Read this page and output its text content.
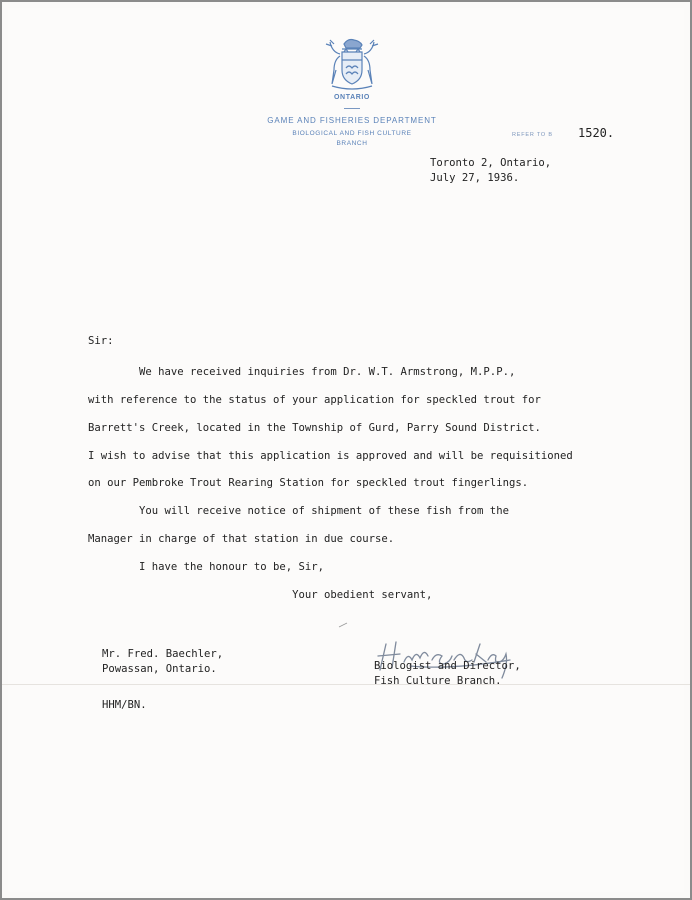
ONTARIO
GAME AND FISHERIES DEPARTMENT
BIOLOGICAL AND FISH CULTURE
BRANCH
REFER TO B 1520.
Toronto 2, Ontario,
July 27, 1936.
Sir:
We have received inquiries from Dr. W.T. Armstrong, M.P.P.,
with reference to the status of your application for speckled trout for
Barrett's Creek, located in the Township of Gurd, Parry Sound District.
I wish to advise that this application is approved and will be requisitioned
on our Pembroke Trout Rearing Station for speckled trout fingerlings.
You will receive notice of shipment of these fish from the
Manager in charge of that station in due course.
I have the honour to be, Sir,
Your obedient servant,
Mr. Fred. Baechler,
Powassan, Ontario.	Biologist and Director,
Fish Culture Branch.
HHM/BN.
